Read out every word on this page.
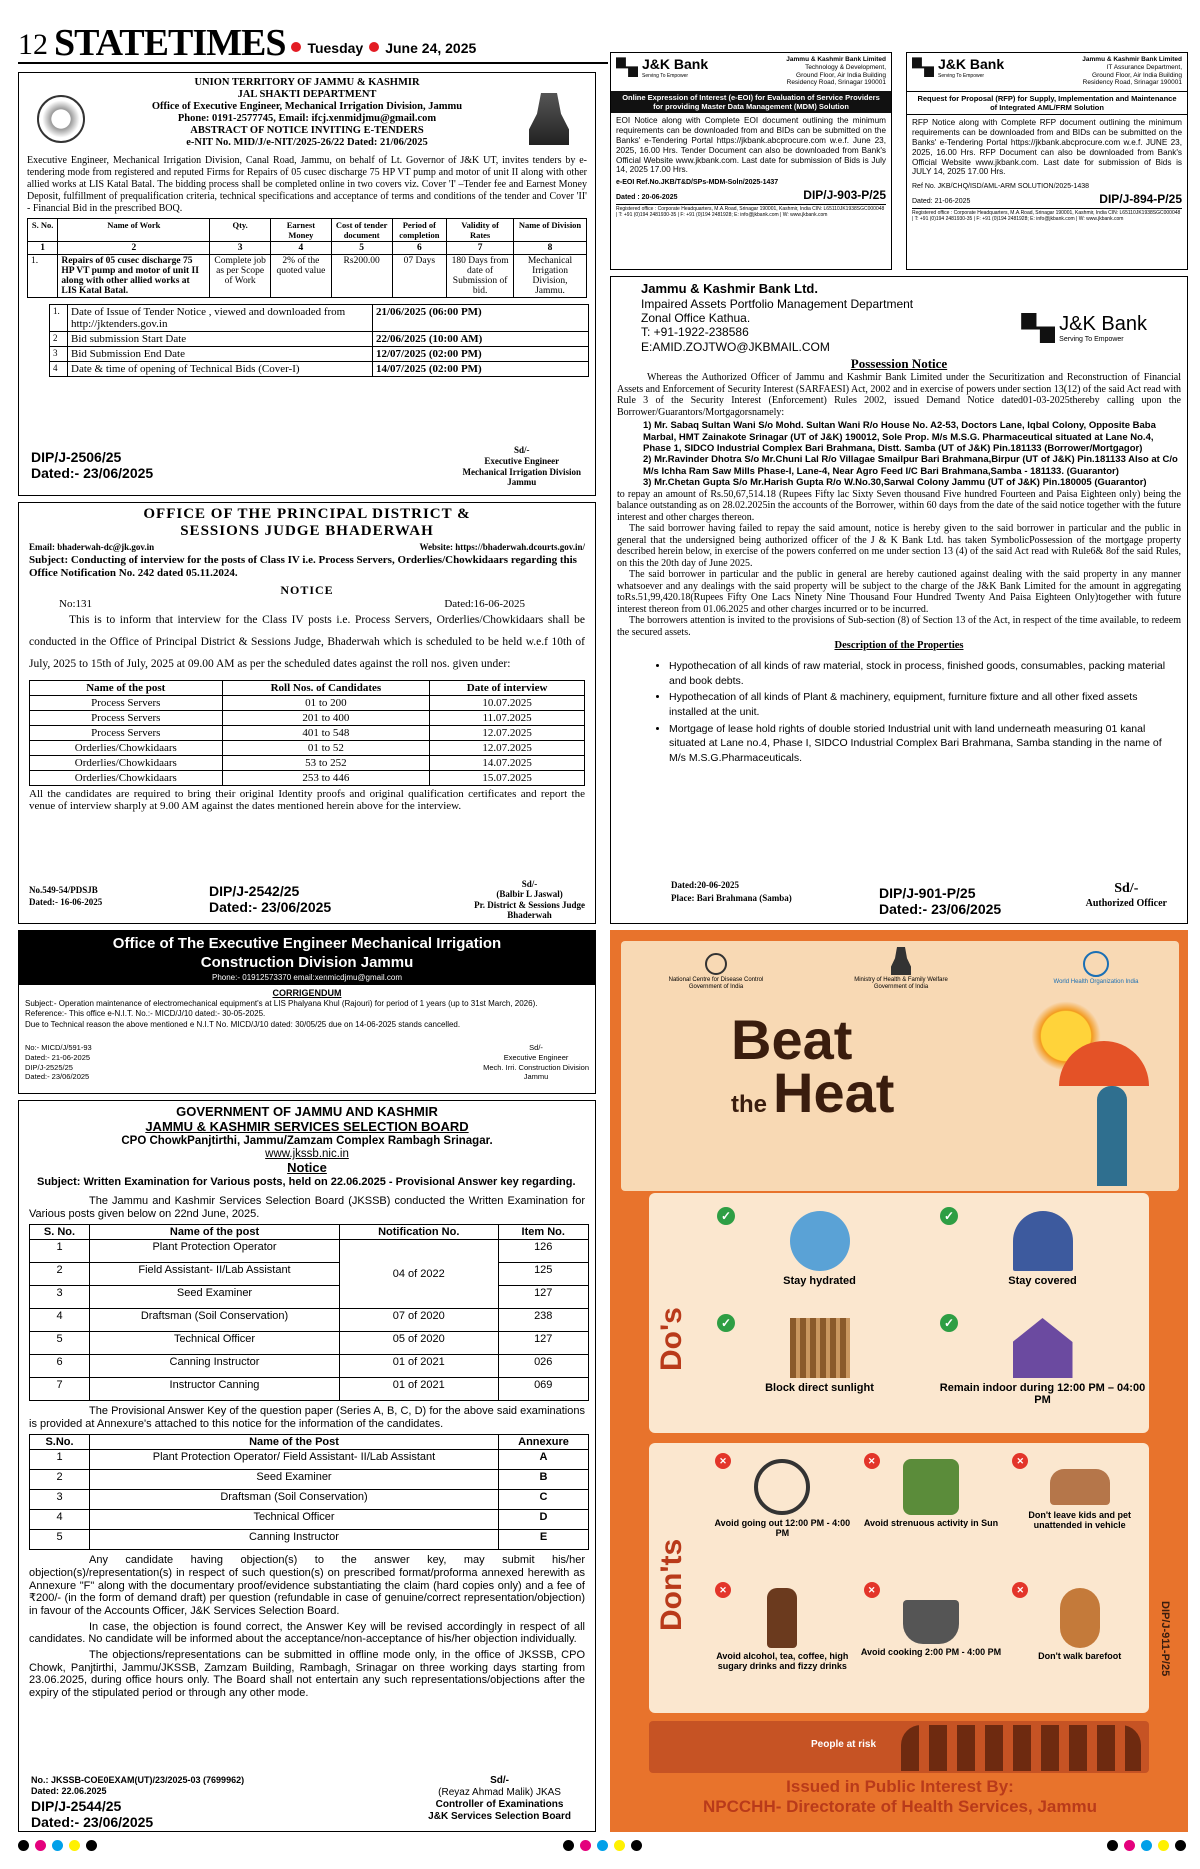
12 STATETIMES Tuesday June 24, 2025
UNION TERRITORY OF JAMMU & KASHMIR
JAL SHAKTI DEPARTMENT
Office of Executive Engineer, Mechanical Irrigation Division, Jammu
Phone: 0191-2577745, Email: ifcj.xenmidjmu@gmail.com
ABSTRACT OF NOTICE INVITING E-TENDERS
e-NIT No. MID/J/e-NIT/2025-26/22 Dated: 21/06/2025

Executive Engineer, Mechanical Irrigation Division, Canal Road, Jammu, on behalf of Lt. Governor of J&K UT, invites tenders by e-tendering mode from registered and reputed Firms for Repairs of 05 cusec discharge 75 HP VT pump and motor of unit II along with other allied works at LIS Katal Batal. The bidding process shall be completed online in two covers viz. Cover 'I' –Tender fee and Earnest Money Deposit, fulfillment of prequalification criteria, technical specifications and acceptance of terms and conditions of the tender and Cover 'II' - Financial Bid in the prescribed BOQ.

S. No.	Name of Work	Qty.	Earnest Money	Cost of tender document	Period of completion	Validity of Rates	Name of Division
1	2	3	4	5	6	7	8
1.	Repairs of 05 cusec discharge 75 HP VT pump and motor of unit II along with other allied works at LIS Katal Batal.	Complete job as per Scope of Work	2% of the quoted value	Rs200.00	07 Days	180 Days from date of Submission of bid.	Mechanical Irrigation Division, Jammu.
1.	Date of Issue of Tender Notice , viewed and downloaded from http://jktenders.gov.in	21/06/2025 (06:00 PM)
2	Bid submission Start Date	22/06/2025 (10:00 AM)
3	Bid Submission End Date	12/07/2025 (02:00 PM)
4	Date & time of opening of Technical Bids (Cover-I)	14/07/2025 (02:00 PM)
DIP/J-2506/25
Dated:- 23/06/2025
Sd/-
Executive Engineer
Mechanical Irrigation Division
Jammu
OFFICE OF THE PRINCIPAL DISTRICT &
SESSIONS JUDGE BHADERWAH
Email: bhaderwah-dc@jk.gov.in	Website: https://bhaderwah.dcourts.gov.in/

Subject: Conducting of interview for the posts of Class IV i.e. Process Servers, Orderlies/Chowkidaars regarding this Office Notification No. 242 dated 05.11.2024.

NOTICE
No:131	Dated:16-06-2025

This is to inform that interview for the Class IV posts i.e. Process Servers, Orderlies/Chowkidaars shall be conducted in the Office of Principal District & Sessions Judge, Bhaderwah which is scheduled to be held w.e.f 10th of July, 2025 to 15th of July, 2025 at 09.00 AM as per the scheduled dates against the roll nos. given under:

Name of the post	Roll Nos. of Candidates	Date of interview
Process Servers	01 to 200	10.07.2025
Process Servers	201 to 400	11.07.2025
Process Servers	401 to 548	12.07.2025
Orderlies/Chowkidaars	01 to 52	12.07.2025
Orderlies/Chowkidaars	53 to 252	14.07.2025
Orderlies/Chowkidaars	253 to 446	15.07.2025

All the candidates are required to bring their original Identity proofs and original qualification certificates and report the venue of interview sharply at 9.00 AM against the dates mentioned herein above for the interview.

No.549-54/PDSJB
Dated:- 16-06-2025
DIP/J-2542/25
Dated:- 23/06/2025
Sd/-
(Balbir L Jaswal)
Pr. District & Sessions Judge
Bhaderwah
Office of The Executive Engineer Mechanical Irrigation
Construction Division Jammu
Phone:- 01912573370 email:xenmicdjmu@gmail.com
CORRIGENDUM
Subject:- Operation maintenance of electromechanical equipment's at LIS Phalyana Khul (Rajouri) for period of 1 years (up to 31st March, 2026).
Reference:- This office e-N.I.T. No.:- MICD/J/10 dated:- 30-05-2025.
Due to Technical reason the above mentioned e N.I.T No. MICD/J/10 dated: 30/05/25 due on 14-06-2025 stands cancelled.
No:- MICD/J/591-93
Dated:- 21-06-2025
DIP/J-2525/25
Dated:- 23/06/2025
Sd/-
Executive Engineer
Mech. Irri. Construction Division
Jammu
GOVERNMENT OF JAMMU AND KASHMIR
JAMMU & KASHMIR SERVICES SELECTION BOARD
CPO ChowkPanjtirthi, Jammu/Zamzam Complex Rambagh Srinagar.
www.jkssb.nic.in
Notice

Subject: Written Examination for Various posts, held on 22.06.2025 - Provisional Answer key regarding.

The Jammu and Kashmir Services Selection Board (JKSSB) conducted the Written Examination for Various posts given below on 22nd June, 2025.

S. No.	Name of the post	Notification No.	Item No.
1	Plant Protection Operator	04 of 2022	126
2	Field Assistant- II/Lab Assistant		125
3	Seed Examiner		127
4	Draftsman (Soil Conservation)	07 of 2020	238
5	Technical Officer	05 of 2020	127
6	Canning Instructor	01 of 2021	026
7	Instructor Canning	01 of 2021	069

The Provisional Answer Key of the question paper (Series A, B, C, D) for the above said examinations is provided at Annexure's attached to this notice for the information of the candidates.

S.No.	Name of the Post	Annexure
1	Plant Protection Operator/ Field Assistant- II/Lab Assistant	A
2	Seed Examiner	B
3	Draftsman (Soil Conservation)	C
4	Technical Officer	D
5	Canning Instructor	E

Any candidate having objection(s) to the answer key, may submit his/her objection(s)/representation(s) in respect of such question(s) on prescribed format/proforma annexed herewith as Annexure "F" along with the documentary proof/evidence substantiating the claim (hard copies only) and a fee of ₹200/- (in the form of demand draft) per question (refundable in case of genuine/correct representation/objection) in favour of the Accounts Officer, J&K Services Selection Board.

In case, the objection is found correct, the Answer Key will be revised accordingly in respect of all candidates. No candidate will be informed about the acceptance/non-acceptance of his/her objection individually.

The objections/representations can be submitted in offline mode only, in the office of JKSSB, CPO Chowk, Panjtirthi, Jammu/JKSSB, Zamzam Building, Rambagh, Srinagar on three working days starting from 23.06.2025, during office hours only. The Board shall not entertain any such representations/objections after the expiry of the stipulated period or through any other mode.

No.: JKSSB-COE0EXAM(UT)/23/2025-03 (7699962)
Dated: 22.06.2025
DIP/J-2544/25
Dated:- 23/06/2025
Sd/-
(Reyaz Ahmad Malik) JKAS
Controller of Examinations
J&K Services Selection Board
J&K Bank
Serving To Empower
Jammu & Kashmir Bank Limited
Technology & Development,
Ground Floor, Air India Building
Residency Road, Srinagar 190001
Online Expression of Interest (e-EOI) for Evaluation of Service Providers for providing Master Data Management (MDM) Solution

EOI Notice along with Complete EOI document outlining the minimum requirements can be downloaded from and BIDs can be submitted on the Banks' e-Tendering Portal https://jkbank.abcprocure.com w.e.f. June 23, 2025, 16.00 Hrs. Tender Document can also be downloaded from Bank's Official Website www.jkbank.com. Last date for submission of Bids is July 14, 2025 17.00 Hrs.

e-EOI Ref.No.JKB/T&D/SPs-MDM-Soln/2025-1437
Dated : 20-06-2025	DIP/J-903-P/25
Registered office : Corporate Headquarters, M.A.Road, Srinagar 190001, Kashmir, India CIN: L65110JK1938SGC000048 | T: +91 (0)194 2481930-35 | F: +91 (0)194 2481928; E: info@jkbank.com | W: www.jkbank.com
J&K Bank
Serving To Empower
Jammu & Kashmir Bank Limited
IT Assurance Department,
Ground Floor, Air India Building
Residency Road, Srinagar 190001
Request for Proposal (RFP) for Supply, Implementation and Maintenance of Integrated AML/FRM Solution

RFP Notice along with Complete RFP document outlining the minimum requirements can be downloaded from and BIDs can be submitted on the Banks' e-Tendering Portal https://jkbank.abcprocure.com w.e.f. JUNE 23, 2025, 16.00 Hrs. RFP Document can also be downloaded from Bank's Official Website www.jkbank.com. Last date for submission of Bids is JULY 14, 2025 17.00 Hrs.

Ref No. JKB/CHQ/ISD/AML-ARM SOLUTION/2025-1438
Dated: 21-06-2025	DIP/J-894-P/25
Registered office : Corporate Headquarters, M.A.Road, Srinagar 190001, Kashmir, India CIN: L65110JK1938SGC000048 | T: +91 (0)194 2481930-35 | F: +91 (0)194 2481928; E: info@jkbank.com | W: www.jkbank.com
Jammu & Kashmir Bank Ltd.
Impaired Assets Portfolio Management Department
Zonal Office Kathua.
T: +91-1922-238586
E:AMID.ZOJTWO@JKBMAIL.COM
J&K Bank
Serving To Empower
Possession Notice

Whereas the Authorized Officer of Jammu and Kashmir Bank Limited under the Securitization and Reconstruction of Financial Assets and Enforcement of Security Interest (SARFAESI) Act, 2002 and in exercise of powers under section 13(12) of the said Act read with Rule 3 of the Security Interest (Enforcement) Rules 2002, issued Demand Notice dated01-03-2025thereby calling upon the Borrower/Guarantors/Mortgagorsnamely:

1) Mr. Sabaq Sultan Wani S/o Mohd. Sultan Wani R/o House No. A2-53, Doctors Lane, Iqbal Colony, Opposite Baba Marbal, HMT Zainakote Srinagar (UT of J&K) 190012, Sole Prop. M/s M.S.G. Pharmaceutical situated at Lane No.4, Phase 1, SIDCO Industrial Complex Bari Brahmana, Distt. Samba (UT of J&K) Pin.181133 (Borrower/Mortgagor)
2) Mr.Ravinder Dhotra S/o Mr.Chuni Lal R/o Villagae Smailpur Bari Brahmana,Birpur (UT of J&K) Pin.181133 Also at C/o M/s Ichha Ram Saw Mills Phase-I, Lane-4, Near Agro Feed I/C Bari Brahmana,Samba - 181133. (Guarantor)
3) Mr.Chetan Gupta S/o Mr.Harish Gupta R/o W.No.30,Sarwal Colony Jammu (UT of J&K) Pin.180005 (Guarantor)

to repay an amount of Rs.50,67,514.18 (Rupees Fifty lac Sixty Seven thousand Five hundred Fourteen and Paisa Eighteen only) being the balance outstanding as on 28.02.2025in the accounts of the Borrower, within 60 days from the date of the said notice together with the future interest and other charges thereon.

The said borrower having failed to repay the said amount, notice is hereby given to the said borrower in particular and the public in general that the undersigned being authorized officer of the J & K Bank Ltd. has taken SymbolicPossession of the mortgage property described herein below, in exercise of the powers conferred on me under section 13 (4) of the said Act read with Rule6& 8of the said Rules, on this the 20th day of June 2025.

The said borrower in particular and the public in general are hereby cautioned against dealing with the said property in any manner whatsoever and any dealings with the said property will be subject to the charge of the J&K Bank Limited for the amount in aggregating toRs.51,99,420.18(Rupees Fifty One Lacs Ninety Nine Thousand Four Hundred Twenty And Paisa Eighteen Only)together with future interest thereon from 01.06.2025 and other charges incurred or to be incurred.

The borrowers attention is invited to the provisions of Sub-section (8) of Section 13 of the Act, in respect of the time available, to redeem the secured assets.

Description of the Properties
• Hypothecation of all kinds of raw material, stock in process, finished goods, consumables, packing material and book debts.
• Hypothecation of all kinds of Plant & machinery, equipment, furniture fixture and all other fixed assets installed at the unit.
• Mortgage of lease hold rights of double storied Industrial unit with land underneath measuring 01 kanal situated at Lane no.4, Phase I, SIDCO Industrial Complex Bari Brahmana, Samba standing in the name of M/s M.S.G.Pharmaceuticals.
Dated:20-06-2025
Place: Bari Brahmana (Samba)	DIP/J-901-P/25
Dated:- 23/06/2025
Sd/-
Authorized Officer
National Centre for Disease Control Government of India
Ministry of Health & Family Welfare Government of India
World Health Organization India
Beat
the Heat
Do's
✓
Stay hydrated
✓
Stay covered
✓
Block direct sunlight
✓
Remain indoor during 12:00 PM – 04:00 PM
Don'ts
✕
Avoid going out 12:00 PM - 4:00 PM
✕
Avoid strenuous activity in Sun
✕
Don't leave kids and pet unattended in vehicle
✕
Avoid alcohol, tea, coffee, high sugary drinks and fizzy drinks
✕
Avoid cooking 2:00 PM - 4:00 PM
✕
Don't walk barefoot	DIP/J-911-P/25
People at risk
Issued in Public Interest By:
NPCCHH- Directorate of Health Services, Jammu
